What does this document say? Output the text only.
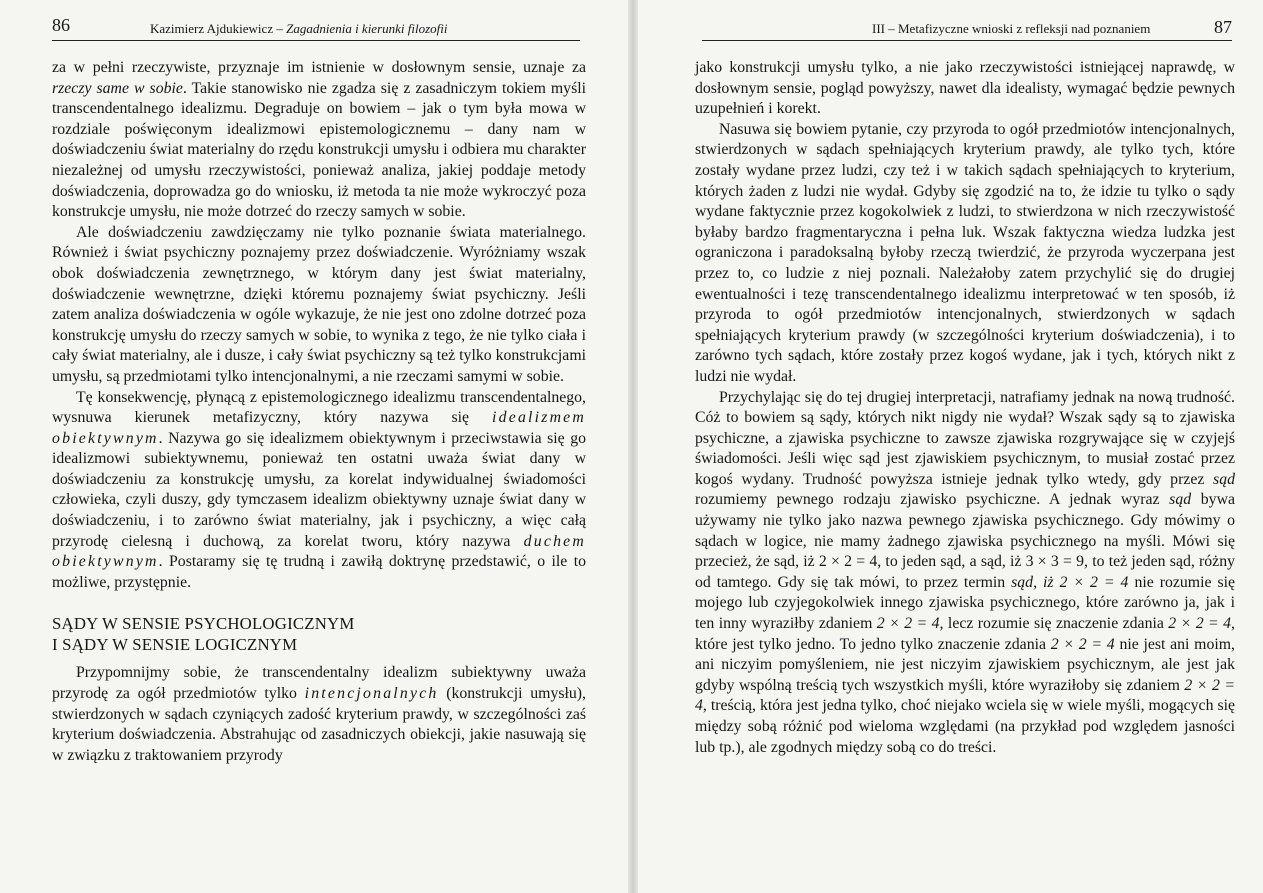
86	Kazimierz Ajdukiewicz – Zagadnienia i kierunki filozofii

za w pełni rzeczywiste, przyznaje im istnienie w dosłownym sensie, uznaje za rzeczy same w sobie. Takie stanowisko nie zgadza się z zasadniczym tokiem myśli transcendentalnego idealizmu. Degraduje on bowiem – jak o tym była mowa w rozdziale poświęconym idealizmowi epistemologicznemu – dany nam w doświadczeniu świat materialny do rzędu konstrukcji umysłu i odbiera mu charakter niezależnej od umysłu rzeczywistości, ponieważ analiza, jakiej poddaje metody doświadczenia, doprowadza go do wniosku, iż metoda ta nie może wykroczyć poza konstrukcje umysłu, nie może dotrzeć do rzeczy samych w sobie.

Ale doświadczeniu zawdzięczamy nie tylko poznanie świata materialnego. Również i świat psychiczny poznajemy przez doświadczenie. Wyróżniamy wszak obok doświadczenia zewnętrznego, w którym dany jest świat materialny, doświadczenie wewnętrzne, dzięki któremu poznajemy świat psychiczny. Jeśli zatem analiza doświadczenia w ogóle wykazuje, że nie jest ono zdolne dotrzeć poza konstrukcję umysłu do rzeczy samych w sobie, to wynika z tego, że nie tylko ciała i cały świat materialny, ale i dusze, i cały świat psychiczny są też tylko konstrukcjami umysłu, są przedmiotami tylko intencjonalnymi, a nie rzeczami samymi w sobie.

Tę konsekwencję, płynącą z epistemologicznego idealizmu transcendentalnego, wysnuwa kierunek metafizyczny, który nazywa się idealizmem obiektywnym. Nazywa go się idealizmem obiektywnym i przeciwstawia się go idealizmowi subiektywnemu, ponieważ ten ostatni uważa świat dany w doświadczeniu za konstrukcję umysłu, za korelat indywidualnej świadomości człowieka, czyli duszy, gdy tymczasem idealizm obiektywny uznaje świat dany w doświadczeniu, i to zarówno świat materialny, jak i psychiczny, a więc całą przyrodę cielesną i duchową, za korelat tworu, który nazywa duchem obiektywnym. Postaramy się tę trudną i zawiłą doktrynę przedstawić, o ile to możliwe, przystępnie.

SĄDY W SENSIE PSYCHOLOGICZNYM
I SĄDY W SENSIE LOGICZNYM

Przypomnijmy sobie, że transcendentalny idealizm subiektywny uważa przyrodę za ogół przedmiotów tylko intencjonalnych (konstrukcji umysłu), stwierdzonych w sądach czyniących zadość kryterium prawdy, w szczególności zaś kryterium doświadczenia. Abstrahując od zasadniczych obiekcji, jakie nasuwają się w związku z traktowaniem przyrody

III – Metafizyczne wnioski z refleksji nad poznaniem	87

jako konstrukcji umysłu tylko, a nie jako rzeczywistości istniejącej naprawdę, w dosłownym sensie, pogląd powyższy, nawet dla idealisty, wymagać będzie pewnych uzupełnień i korekt.

Nasuwa się bowiem pytanie, czy przyroda to ogół przedmiotów intencjonalnych, stwierdzonych w sądach spełniających kryterium prawdy, ale tylko tych, które zostały wydane przez ludzi, czy też i w takich sądach spełniających to kryterium, których żaden z ludzi nie wydał. Gdyby się zgodzić na to, że idzie tu tylko o sądy wydane faktycznie przez kogokolwiek z ludzi, to stwierdzona w nich rzeczywistość byłaby bardzo fragmentaryczna i pełna luk. Wszak faktyczna wiedza ludzka jest ograniczona i paradoksalną byłoby rzeczą twierdzić, że przyroda wyczerpana jest przez to, co ludzie z niej poznali. Należałoby zatem przychylić się do drugiej ewentualności i tezę transcendentalnego idealizmu interpretować w ten sposób, iż przyroda to ogół przedmiotów intencjonalnych, stwierdzonych w sądach spełniających kryterium prawdy (w szczególności kryterium doświadczenia), i to zarówno tych sądach, które zostały przez kogoś wydane, jak i tych, których nikt z ludzi nie wydał.

Przychylając się do tej drugiej interpretacji, natrafiamy jednak na nową trudność. Cóż to bowiem są sądy, których nikt nigdy nie wydał? Wszak sądy są to zjawiska psychiczne, a zjawiska psychiczne to zawsze zjawiska rozgrywające się w czyjejś świadomości. Jeśli więc sąd jest zjawiskiem psychicznym, to musiał zostać przez kogoś wydany. Trudność powyższa istnieje jednak tylko wtedy, gdy przez sąd rozumiemy pewnego rodzaju zjawisko psychiczne. A jednak wyraz sąd bywa używamy nie tylko jako nazwa pewnego zjawiska psychicznego. Gdy mówimy o sądach w logice, nie mamy żadnego zjawiska psychicznego na myśli. Mówi się przecież, że sąd, iż 2 × 2 = 4, to jeden sąd, a sąd, iż 3 × 3 = 9, to też jeden sąd, różny od tamtego. Gdy się tak mówi, to przez termin sąd, iż 2 × 2 = 4 nie rozumie się mojego lub czyjegokolwiek innego zjawiska psychicznego, które zarówno ja, jak i ten inny wyraziłby zdaniem 2 × 2 = 4, lecz rozumie się znaczenie zdania 2 × 2 = 4, które jest tylko jedno. To jedno tylko znaczenie zdania 2 × 2 = 4 nie jest ani moim, ani niczyim pomyśleniem, nie jest niczyim zjawiskiem psychicznym, ale jest jak gdyby wspólną treścią tych wszystkich myśli, które wyraziłoby się zdaniem 2 × 2 = 4, treścią, która jest jedna tylko, choć niejako wciela się w wiele myśli, mogących się między sobą różnić pod wieloma względami (na przykład pod względem jasności lub tp.), ale zgodnych między sobą co do treści.
